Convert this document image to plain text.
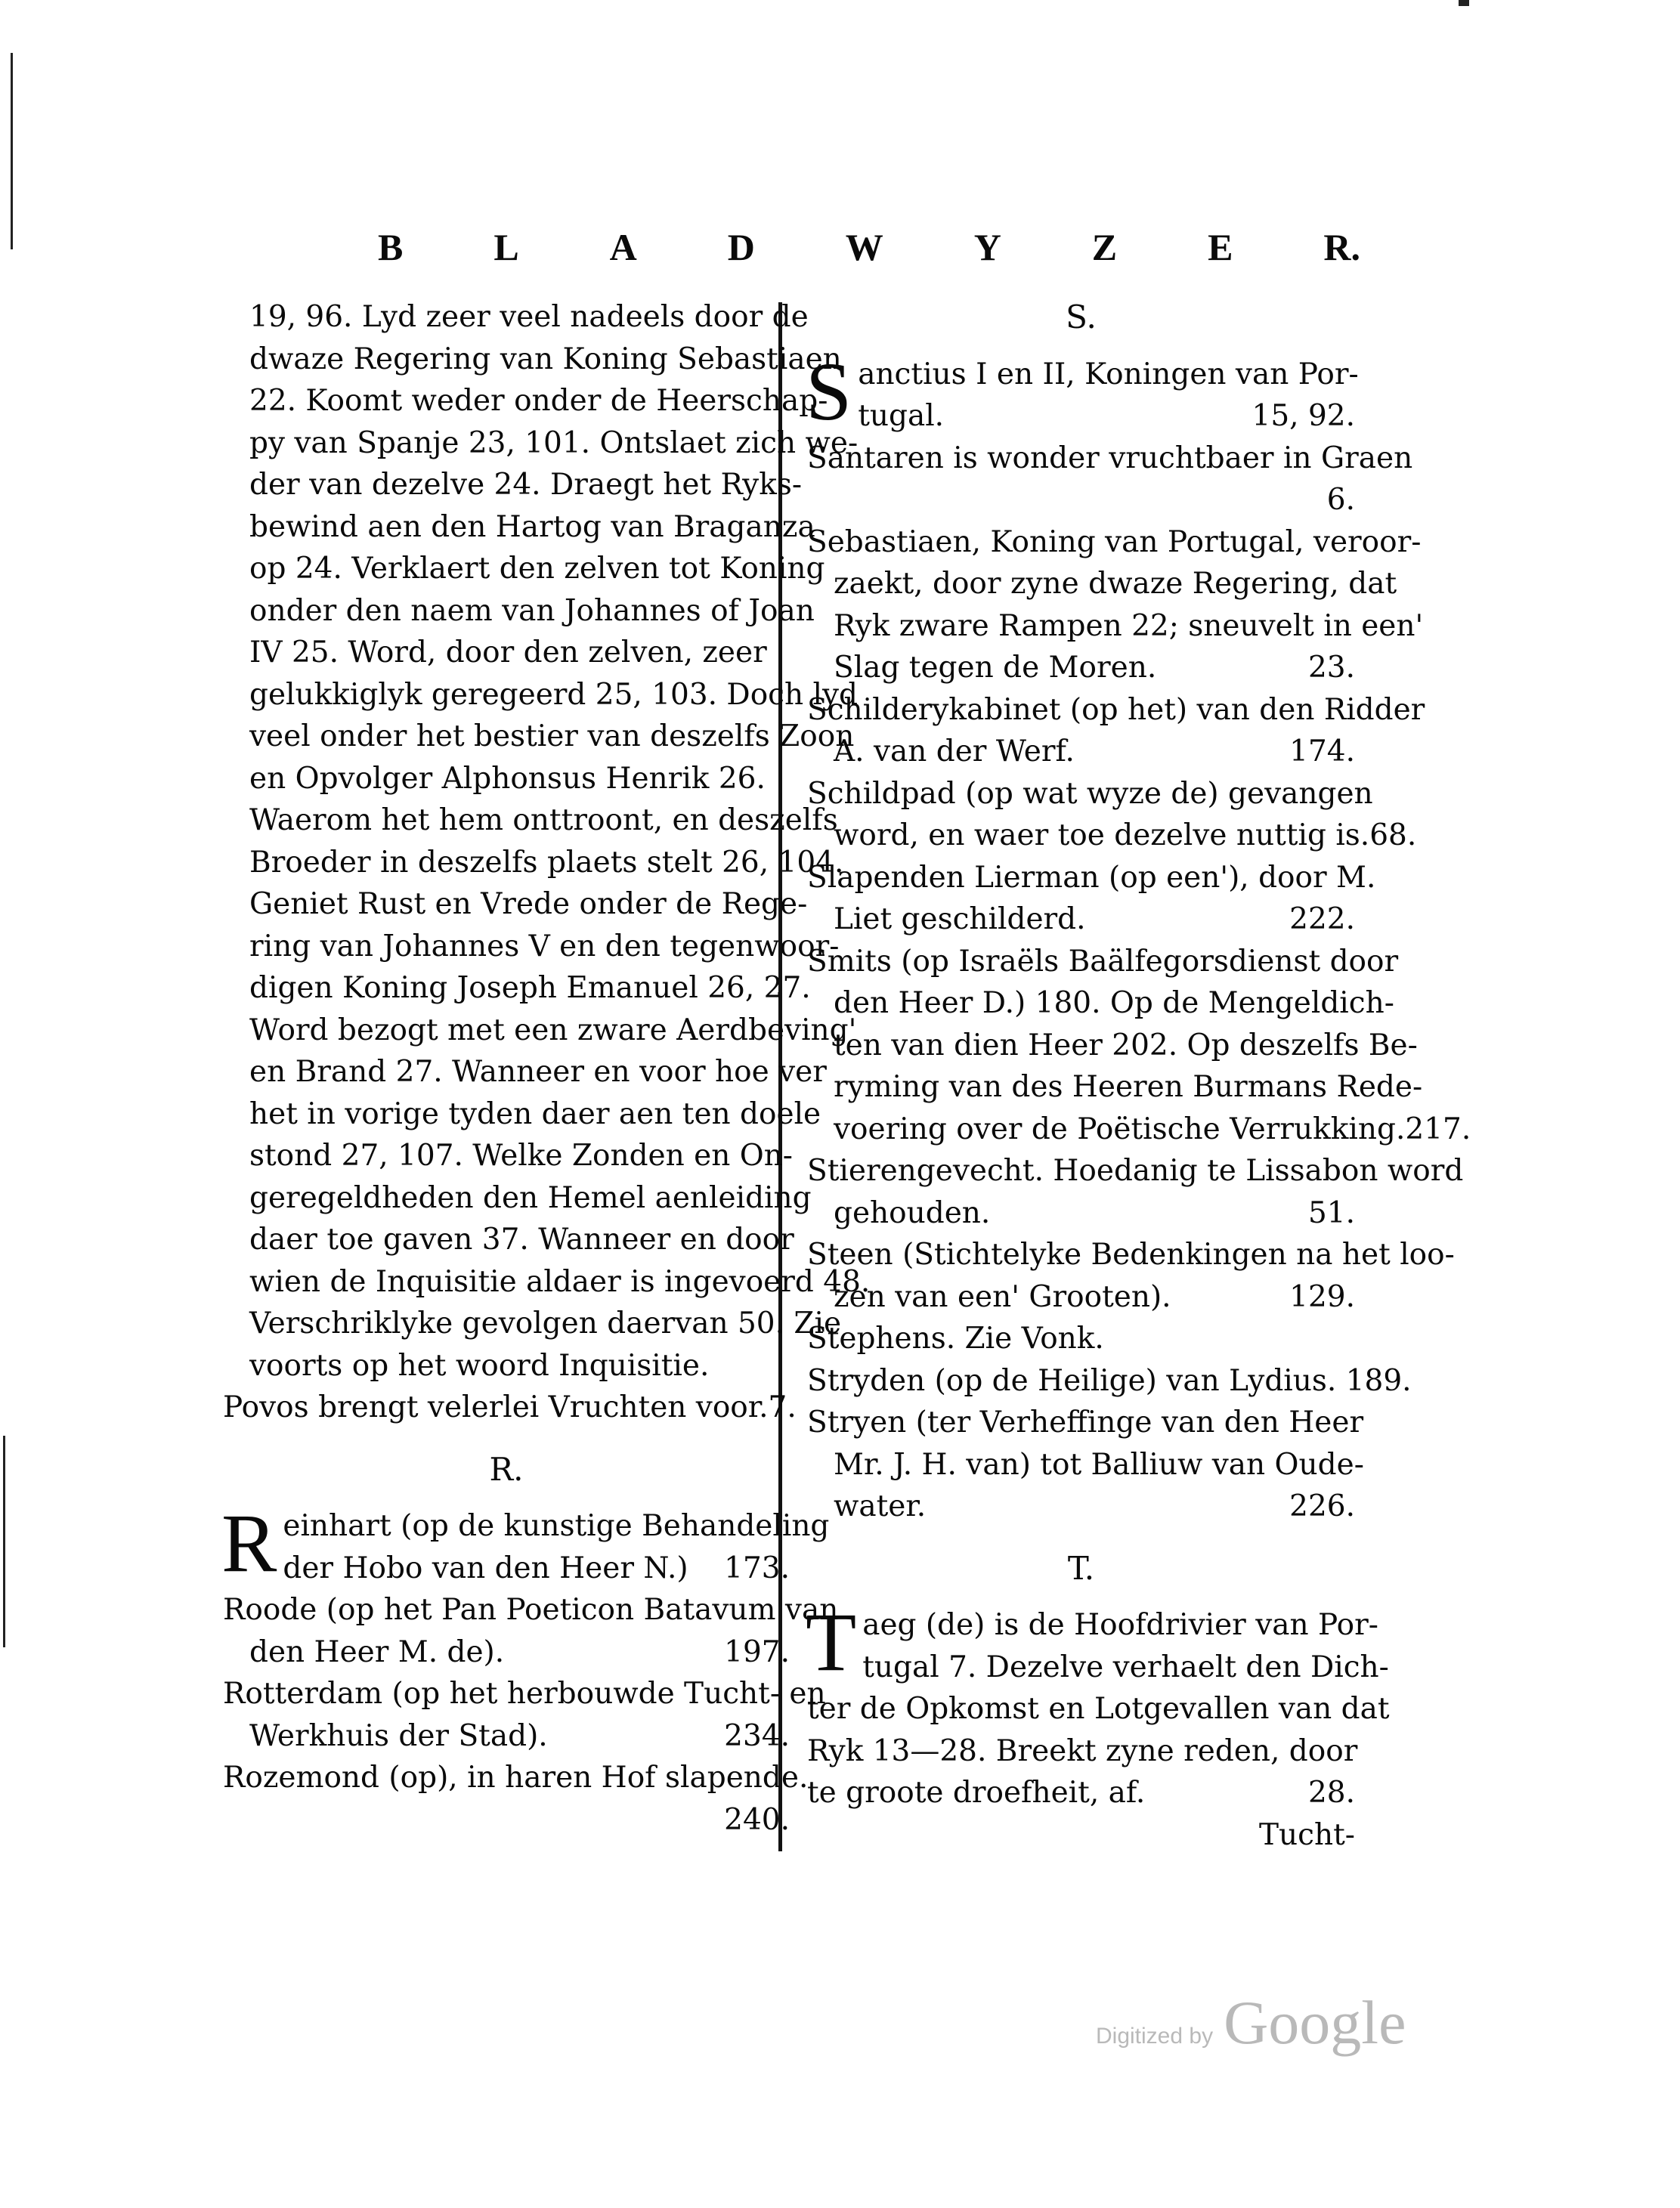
B L A D W Y Z E R.
19, 96. Lyd zeer veel nadeels door de
dwaze Regering van Koning Sebastiaen
22. Koomt weder onder de Heerschap-
py van Spanje 23, 101. Ontslaet zich we-
der van dezelve 24. Draegt het Ryks-
bewind aen den Hartog van Braganza
op 24. Verklaert den zelven tot Koning
onder den naem van Johannes of Joan
IV 25. Word, door den zelven, zeer
gelukkiglyk geregeerd 25, 103. Doch lyd
veel onder het bestier van deszelfs Zoon
en Opvolger Alphonsus Henrik 26.
Waerom het hem onttroont, en deszelfs
Broeder in deszelfs plaets stelt 26, 104.
Geniet Rust en Vrede onder de Rege-
ring van Johannes V en den tegenwoor-
digen Koning Joseph Emanuel 26, 27.
Word bezogt met een zware Aerdbeving'
en Brand 27. Wanneer en voor hoe ver
het in vorige tyden daer aen ten doele
stond 27, 107. Welke Zonden en On-
geregeldheden den Hemel aenleiding
daer toe gaven 37. Wanneer en door
wien de Inquisitie aldaer is ingevoerd 48.
Verschriklyke gevolgen daervan 50. Zie
voorts op het woord Inquisitie.
Povos brengt velerlei Vruchten voor. 7.
R.
R einhart (op de kunstige Behandeling
der Hobo van den Heer N.) 173.
Roode (op het Pan Poeticon Batavum van
den Heer M. de).	197.
Rotterdam (op het herbouwde Tucht- en
Werkhuis der Stad).	234.
Rozemond (op), in haren Hof slapende.
240.
S.
S anctius I en II, Koningen van Por-
tugal.	15, 92.
Santaren is wonder vruchtbaer in Graen
6.
Sebastiaen, Koning van Portugal, veroor-
zaekt, door zyne dwaze Regering, dat
Ryk zware Rampen 22; sneuvelt in een'
Slag tegen de Moren.	23.
Schilderykabinet (op het) van den Ridder
A. van der Werf.	174.
Schildpad (op wat wyze de) gevangen
word, en waer toe dezelve nuttig is. 68.
Slapenden Lierman (op een'), door M.
Liet geschilderd.	222.
Smits (op Israëls Baälfegorsdienst door
den Heer D.) 180. Op de Mengeldich-
ten van dien Heer 202. Op deszelfs Be-
ryming van des Heeren Burmans Rede-
voering over de Poëtische Verrukking. 217.
Stierengevecht. Hoedanig te Lissabon word
gehouden.	51.
Steen (Stichtelyke Bedenkingen na het loo-
zen van een' Grooten).	129.
Stephens. Zie Vonk.
Stryden (op de Heilige) van Lydius. 189.
Stryen (ter Verheffinge van den Heer
Mr. J. H. van) tot Balliuw van Oude-
water.	226.
T.
T aeg (de) is de Hoofdrivier van Por-
tugal 7. Dezelve verhaelt den Dich-
ter de Opkomst en Lotgevallen van dat
Ryk 13—28. Breekt zyne reden, door
te groote droefheit, af.	28.
Tucht-
Digitized by Google
